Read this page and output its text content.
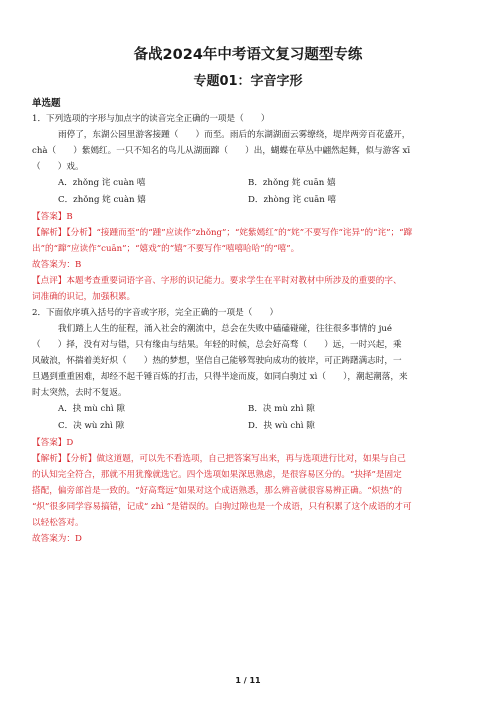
备战2024年中考语文复习题型专练

专题01：字音字形

单选题

1．下列选项的字形与加点字的读音完全正确的一项是（　　）

雨停了，东湖公园里游客接踵（　　）而至。雨后的东湖湖面云雾缭绕，堤岸两旁百花盛开，

chà（　　）紫嫣红。一只不知名的鸟儿从湖面蹿（　　）出，蝴蝶在草丛中翩然起舞，似与游客 xī

（　　）戏。

A．zhǒng 诧 cuàn 嘻	B．zhǒng 姹 cuān 嬉
C．zhǒng 姹 cuàn 嬉	D．zhòng 诧 cuān 嘻

【答案】B

【解析】【分析】“接踵而至”的“踵”应读作“zhǒng”；“姹紫嫣红”的“姹”不要写作“诧异”的“诧”；“蹿

出”的“蹿”应读作“cuān”；“嬉戏”的“嬉”不要写作“嘻嘻哈哈”的“嘻”。

故答案为：B

【点评】本题考查重要词语字音、字形的识记能力。要求学生在平时对教材中所涉及的重要的字、

词准确的识记，加强积累。

2．下面依序填入括号的字音或字形，完全正确的一项是（　　）

我们踏上人生的征程，涌入社会的潮流中，总会在失败中磕磕碰碰，往往很多事情的 jué

（　　）择，没有对与错，只有缘由与结果。年轻的时候，总会好高骛（　　）远，一时兴起，乘

风破浪，怀揣着美好炽（　　）热的梦想，坚信自己能够驾驶向成功的彼岸，可正踌躇满志时，一

旦遇到重重困难，却经不起千锤百炼的打击，只得半途而废，如同白驹过 xì（　　），潮起潮落，来

时太突然，去时不复返。

A．抉 mù chì 隙	B．决 mù zhì 隙
C．决 wù zhì 隙	D．抉 wù chì 隙

【答案】D

【解析】【分析】做这道题，可以先不看选项，自己把答案写出来，再与选项进行比对，如果与自己

的认知完全符合，那就不用犹豫就选它。四个选项如果深思熟虑，是很容易区分的。“抉择”是固定

搭配，偏旁部首是一致的。“好高骛远”如果对这个成语熟悉，那么辨音就很容易辨正确。“炽热”的

“炽”很多同学容易搞错，记成“ zhì ”是错误的。白驹过隙也是一个成语，只有积累了这个成语的才可

以轻松答对。

故答案为：D

1 / 11
